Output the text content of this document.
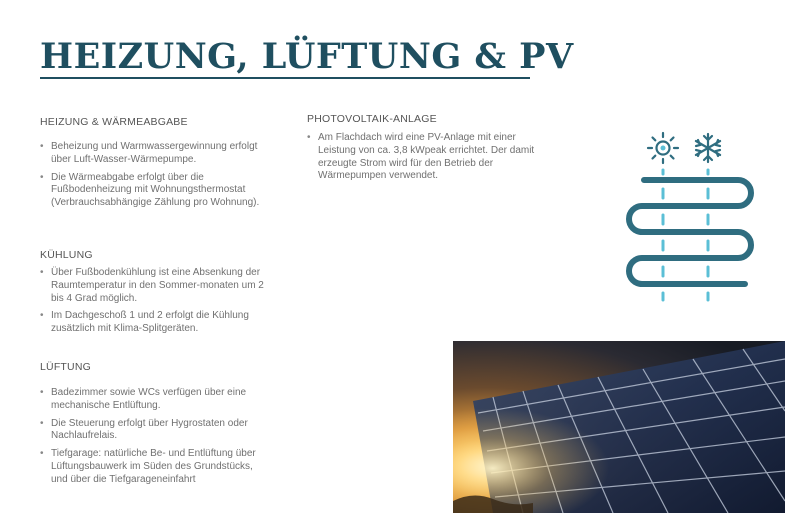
HEIZUNG, LÜFTUNG & PV

HEIZUNG & WÄRMEABGABE

• Beheizung und Warmwassergewinnung erfolgt über Luft-Wasser-Wärmepumpe.
• Die Wärmeabgabe erfolgt über die Fußbodenheizung mit Wohnungsthermostat (Verbrauchsabhängige Zählung pro Wohnung).

KÜHLUNG

• Über Fußbodenkühlung ist eine Absenkung der Raumtemperatur in den Sommer-monaten um 2 bis 4 Grad möglich.
• Im Dachgeschoß 1 und 2 erfolgt die Kühlung zusätzlich mit Klima-Splitgeräten.

LÜFTUNG

• Badezimmer sowie WCs verfügen über eine mechanische Entlüftung.
• Die Steuerung erfolgt über Hygrostaten oder Nachlaufrelais.
• Tiefgarage: natürliche Be- und Entlüftung über Lüftungsbauwerk im Süden des Grundstücks, und über die Tiefgarageneinfahrt

PHOTOVOLTAIK-ANLAGE

• Am Flachdach wird eine PV-Anlage mit einer Leistung von ca. 3,8 kWpeak errichtet. Der damit erzeugte Strom wird für den Betrieb der Wärmepumpen verwendet.
